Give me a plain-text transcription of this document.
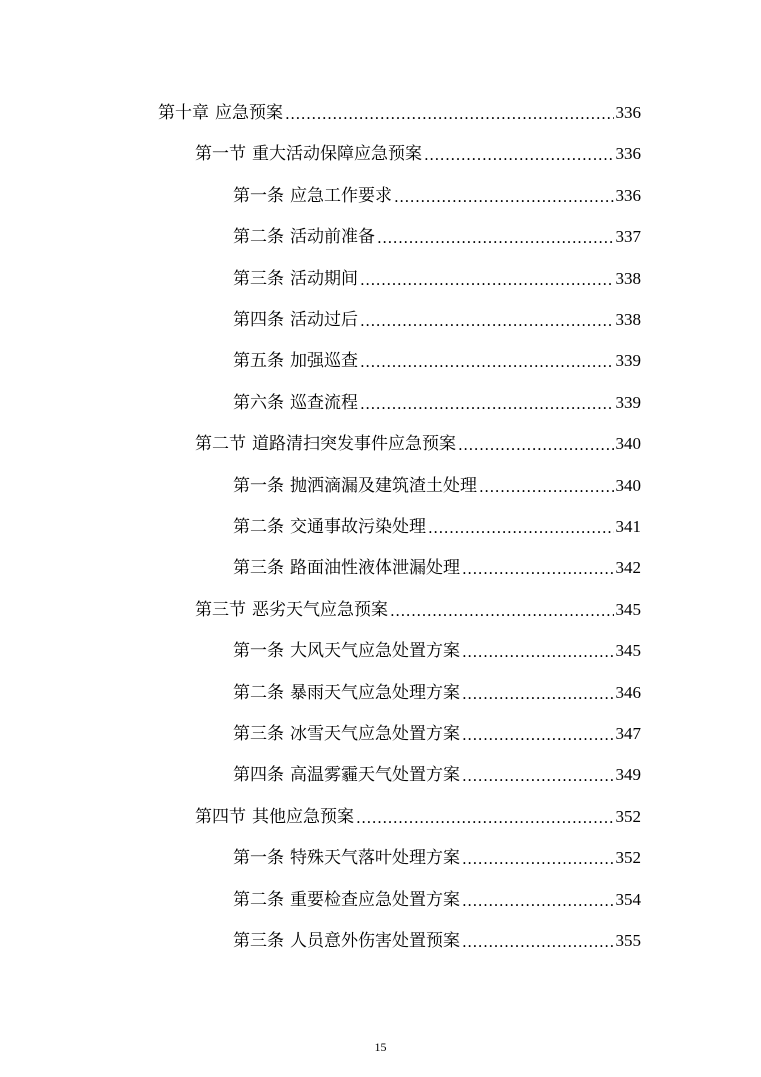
第十章 应急预案 .....	336
第一节 重大活动保障应急预案 .....	336
第一条 应急工作要求 .....	336
第二条 活动前准备 .....	337
第三条 活动期间 .....	338
第四条 活动过后 .....	338
第五条 加强巡查 .....	339
第六条 巡查流程 .....	339
第二节 道路清扫突发事件应急预案 .....	340
第一条 抛洒滴漏及建筑渣土处理 .....	340
第二条 交通事故污染处理 .....	341
第三条 路面油性液体泄漏处理 .....	342
第三节 恶劣天气应急预案 .....	345
第一条 大风天气应急处置方案 .....	345
第二条 暴雨天气应急处理方案 .....	346
第三条 冰雪天气应急处置方案 .....	347
第四条 高温雾霾天气处置方案 .....	349
第四节 其他应急预案 .....	352
第一条 特殊天气落叶处理方案 .....	352
第二条 重要检查应急处置方案 .....	354
第三条 人员意外伤害处置预案 .....	355
15
